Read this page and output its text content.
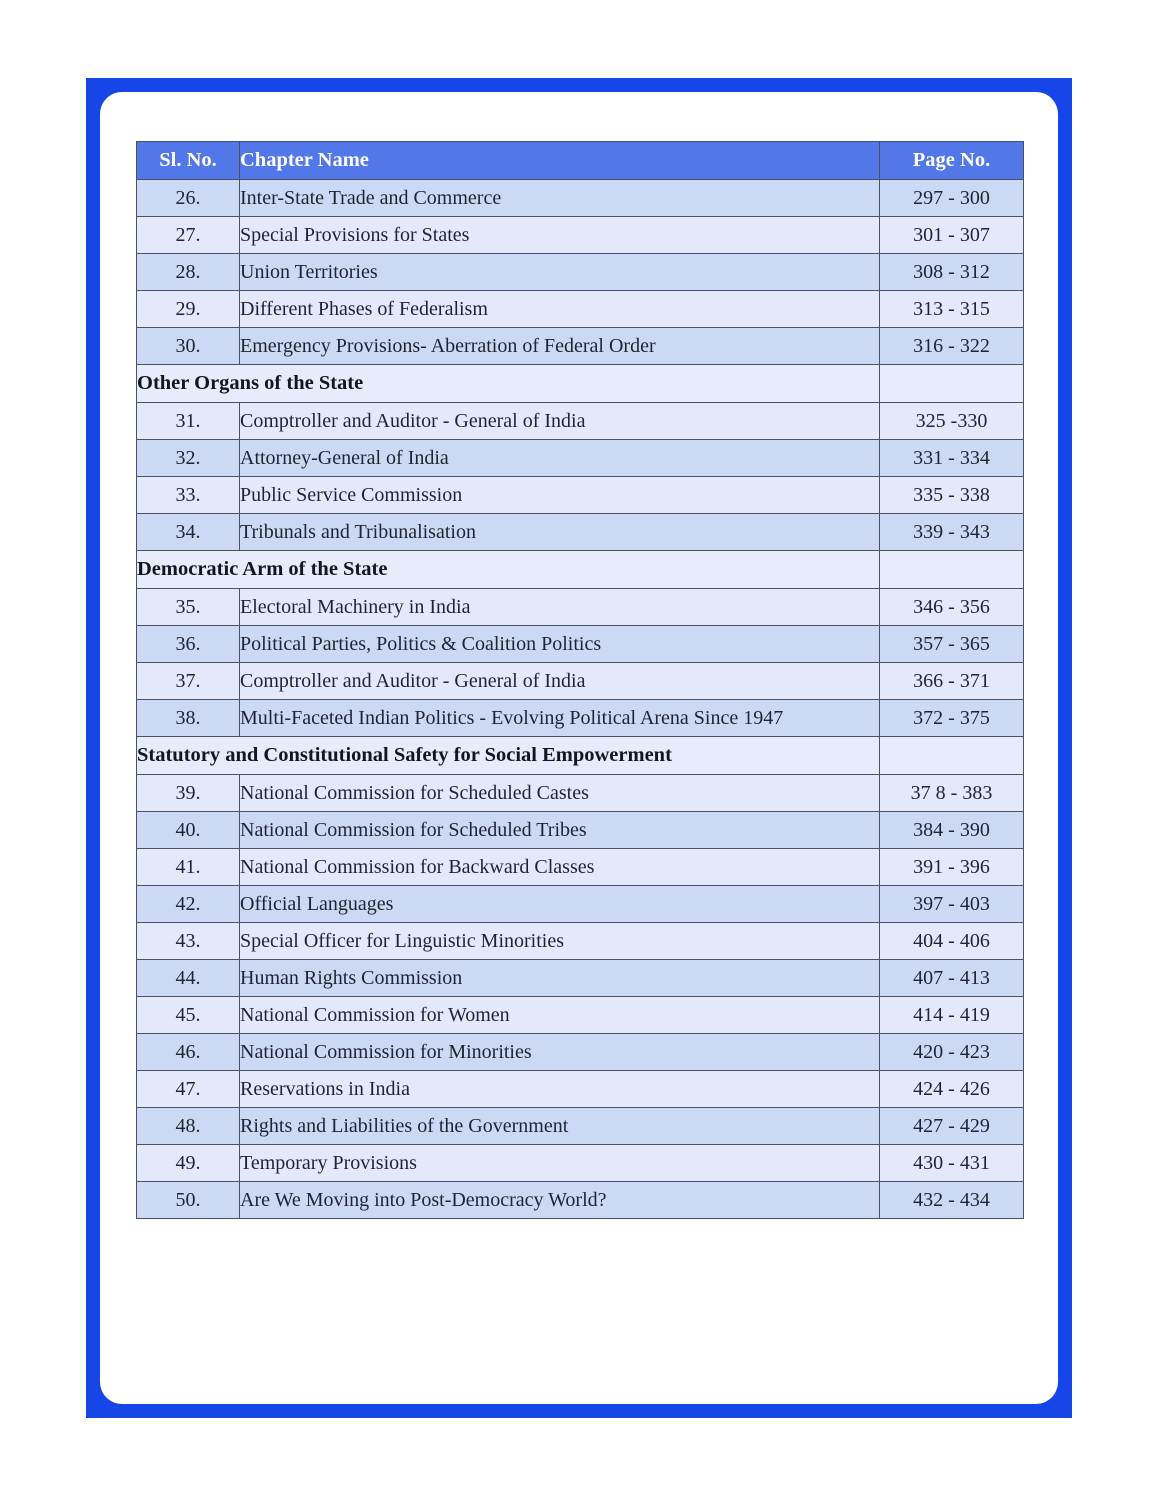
Sl. No.	Chapter Name	Page No.
26.	Inter-State Trade and Commerce	297 - 300
27.	Special Provisions for States	301 - 307
28.	Union Territories	308 - 312
29.	Different Phases of Federalism	313 - 315
30.	Emergency Provisions- Aberration of Federal Order	316 - 322
Other Organs of the State		
31.	Comptroller and Auditor - General of India	325 -330
32.	Attorney-General of India	331 - 334
33.	Public Service Commission	335 - 338
34.	Tribunals and Tribunalisation	339 - 343
Democratic Arm of the State		
35.	Electoral Machinery in India	346 - 356
36.	Political Parties, Politics & Coalition Politics	357 - 365
37.	Comptroller and Auditor - General of India	366 - 371
38.	Multi-Faceted Indian Politics - Evolving Political Arena Since 1947	372 - 375
Statutory and Constitutional Safety for Social Empowerment		
39.	National Commission for Scheduled Castes	37 8 - 383
40.	National Commission for Scheduled Tribes	384 - 390
41.	National Commission for Backward Classes	391 - 396
42.	Official Languages	397 - 403
43.	Special Officer for Linguistic Minorities	404 - 406
44.	Human Rights Commission	407 - 413
45.	National Commission for Women	414 - 419
46.	National Commission for Minorities	420 - 423
47.	Reservations in India	424 - 426
48.	Rights and Liabilities of the Government	427 - 429
49.	Temporary Provisions	430 - 431
50.	Are We Moving into Post-Democracy World?	432 - 434
